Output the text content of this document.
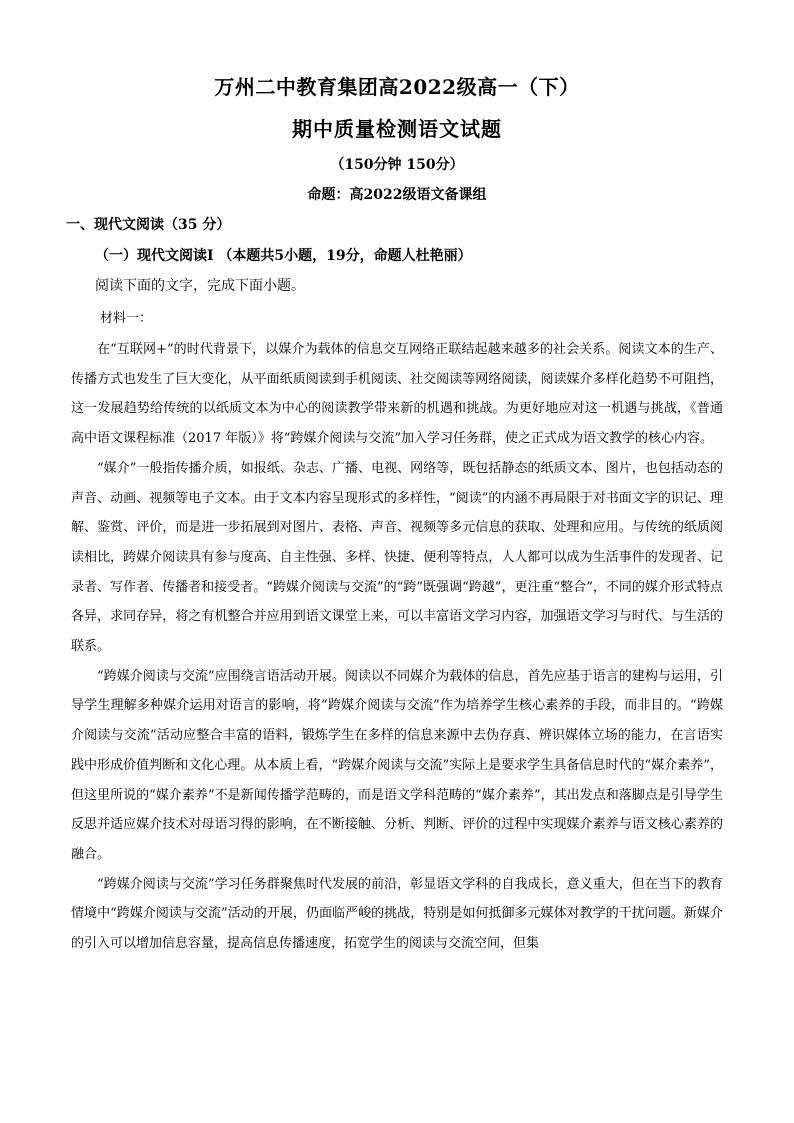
万州二中教育集团高2022级高一（下）
期中质量检测语文试题
（150分钟 150分）
命题：高2022级语文备课组
一、现代文阅读（35 分）
（一）现代文阅读Ⅰ （本题共5小题，19分，命题人杜艳丽）
阅读下面的文字，完成下面小题。
材料一：

在“互联网+”的时代背景下，以媒介为载体的信息交互网络正联结起越来越多的社会关系。阅读文本的生产、传播方式也发生了巨大变化，从平面纸质阅读到手机阅读、社交阅读等网络阅读，阅读媒介多样化趋势不可阻挡，这一发展趋势给传统的以纸质文本为中心的阅读教学带来新的机遇和挑战。为更好地应对这一机遇与挑战，《普通高中语文课程标准（2017 年版）》将“跨媒介阅读与交流”加入学习任务群，使之正式成为语文教学的核心内容。

“媒介”一般指传播介质，如报纸、杂志、广播、电视、网络等，既包括静态的纸质文本、图片，也包括动态的声音、动画、视频等电子文本。由于文本内容呈现形式的多样性，“阅读”的内涵不再局限于对书面文字的识记、理解、鉴赏、评价，而是进一步拓展到对图片、表格、声音、视频等多元信息的获取、处理和应用。与传统的纸质阅读相比，跨媒介阅读具有参与度高、自主性强、多样、快捷、便利等特点，人人都可以成为生活事件的发现者、记录者、写作者、传播者和接受者。“跨媒介阅读与交流”的“跨”既强调“跨越”，更注重“整合”，不同的媒介形式特点各异，求同存异，将之有机整合并应用到语文课堂上来，可以丰富语文学习内容，加强语文学习与时代、与生活的联系。

“跨媒介阅读与交流”应围绕言语活动开展。阅读以不同媒介为载体的信息，首先应基于语言的建构与运用，引导学生理解多种媒介运用对语言的影响，将“跨媒介阅读与交流”作为培养学生核心素养的手段，而非目的。“跨媒介阅读与交流”活动应整合丰富的语料，锻炼学生在多样的信息来源中去伪存真、辨识媒体立场的能力，在言语实践中形成价值判断和文化心理。从本质上看，“跨媒介阅读与交流”实际上是要求学生具备信息时代的“媒介素养”，但这里所说的“媒介素养”不是新闻传播学范畴的，而是语文学科范畴的“媒介素养”，其出发点和落脚点是引导学生反思并适应媒介技术对母语习得的影响，在不断接触、分析、判断、评价的过程中实现媒介素养与语文核心素养的融合。

“跨媒介阅读与交流”学习任务群聚焦时代发展的前沿，彰显语文学科的自我成长，意义重大，但在当下的教育情境中“跨媒介阅读与交流”活动的开展，仍面临严峻的挑战，特别是如何抵御多元媒体对教学的干扰问题。新媒介的引入可以增加信息容量，提高信息传播速度，拓宽学生的阅读与交流空间，但集
